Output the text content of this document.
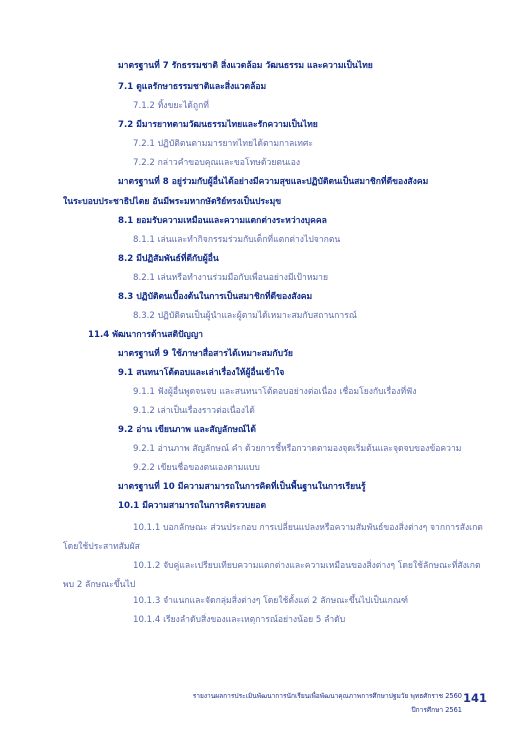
มาตรฐานที่ 7 รักธรรมชาติ สิ่งแวดล้อม วัฒนธรรม และความเป็นไทย
7.1 ดูแลรักษาธรรมชาติและสิ่งแวดล้อม
7.1.2 ทิ้งขยะได้ถูกที่
7.2 มีมารยาทตามวัฒนธรรมไทยและรักความเป็นไทย
7.2.1 ปฏิบัติตนตามมารยาทไทยได้ตามกาลเทศะ
7.2.2 กล่าวคำขอบคุณและขอโทษด้วยตนเอง
มาตรฐานที่ 8 อยู่ร่วมกับผู้อื่นได้อย่างมีความสุขและปฏิบัติตนเป็นสมาชิกที่ดีของสังคม
ในระบอบประชาธิปไตย อันมีพระมหากษัตริย์ทรงเป็นประมุข
8.1 ยอมรับความเหมือนและความแตกต่างระหว่างบุคคล
8.1.1 เล่นและทำกิจกรรมร่วมกับเด็กที่แตกต่างไปจากตน
8.2 มีปฏิสัมพันธ์ที่ดีกับผู้อื่น
8.2.1 เล่นหรือทำงานร่วมมือกับเพื่อนอย่างมีเป้าหมาย
8.3 ปฏิบัติตนเบื้องต้นในการเป็นสมาชิกที่ดีของสังคม
8.3.2 ปฏิบัติตนเป็นผู้นำและผู้ตามได้เหมาะสมกับสถานการณ์
11.4 พัฒนาการด้านสติปัญญา
มาตรฐานที่ 9 ใช้ภาษาสื่อสารได้เหมาะสมกับวัย
9.1 สนทนาโต้ตอบและเล่าเรื่องให้ผู้อื่นเข้าใจ
9.1.1 ฟังผู้อื่นพูดจนจบ และสนทนาโต้ตอบอย่างต่อเนื่อง เชื่อมโยงกับเรื่องที่ฟัง
9.1.2 เล่าเป็นเรื่องราวต่อเนื่องได้
9.2 อ่าน เขียนภาพ และสัญลักษณ์ได้
9.2.1 อ่านภาพ สัญลักษณ์ คำ ด้วยการชี้หรือกวาดตามองจุดเริ่มต้นและจุดจบของข้อความ
9.2.2 เขียนชื่อของตนเองตามแบบ
มาตรฐานที่ 10 มีความสามารถในการคิดที่เป็นพื้นฐานในการเรียนรู้
10.1 มีความสามารถในการคิดรวบยอด
10.1.1 บอกลักษณะ ส่วนประกอบ การเปลี่ยนแปลงหรือความสัมพันธ์ของสิ่งต่างๆ จากการสังเกตโดยใช้ประสาทสัมผัส
10.1.2 จับคู่และเปรียบเทียบความแตกต่างและความเหมือนของสิ่งต่างๆ โดยใช้ลักษณะที่สังเกตพบ 2 ลักษณะขึ้นไป
10.1.3 จำแนกและจัดกลุ่มสิ่งต่างๆ โดยใช้ตั้งแต่ 2 ลักษณะขึ้นไปเป็นเกณฑ์
10.1.4 เรียงลำดับสิ่งของและเหตุการณ์อย่างน้อย 5 ลำดับ
รายงานผลการประเมินพัฒนาการนักเรียนเพื่อพัฒนาคุณภาพการศึกษาปฐมวัย พุทธศักราช 2560
ปีการศึกษา 2561
141
